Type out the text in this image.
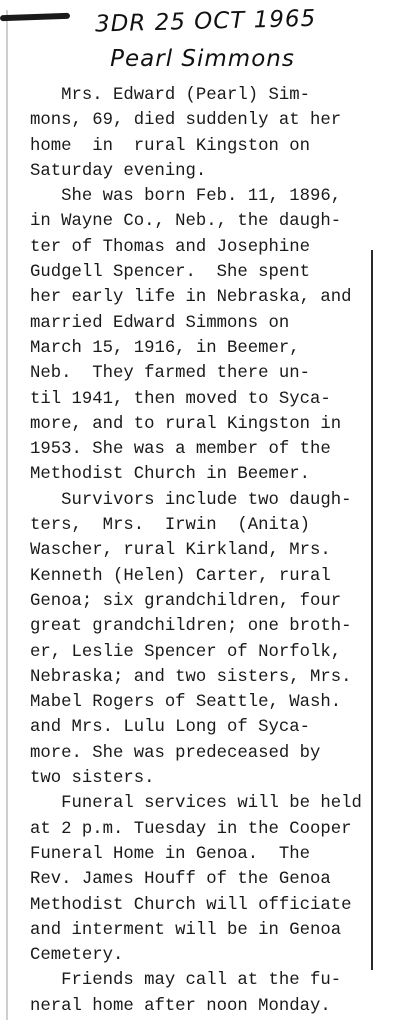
3DR 25 OCT 1965
Pearl Simmons

Mrs. Edward (Pearl) Sim-
mons, 69, died suddenly at her
home  in  rural Kingston on
Saturday evening.

She was born Feb. 11, 1896,
in Wayne Co., Neb., the daugh-
ter of Thomas and Josephine
Gudgell Spencer.  She spent
her early life in Nebraska, and
married Edward Simmons on
March 15, 1916, in Beemer,
Neb.  They farmed there un-
til 1941, then moved to Syca-
more, and to rural Kingston in
1953. She was a member of the
Methodist Church in Beemer.

Survivors include two daugh-
ters,  Mrs.  Irwin  (Anita)
Wascher, rural Kirkland, Mrs.
Kenneth (Helen) Carter, rural
Genoa; six grandchildren, four
great grandchildren; one broth-
er, Leslie Spencer of Norfolk,
Nebraska; and two sisters, Mrs.
Mabel Rogers of Seattle, Wash.
and Mrs. Lulu Long of Syca-
more. She was predeceased by
two sisters.

Funeral services will be held
at 2 p.m. Tuesday in the Cooper
Funeral Home in Genoa.  The
Rev. James Houff of the Genoa
Methodist Church will officiate
and interment will be in Genoa
Cemetery.

Friends may call at the fu-
neral home after noon Monday.
